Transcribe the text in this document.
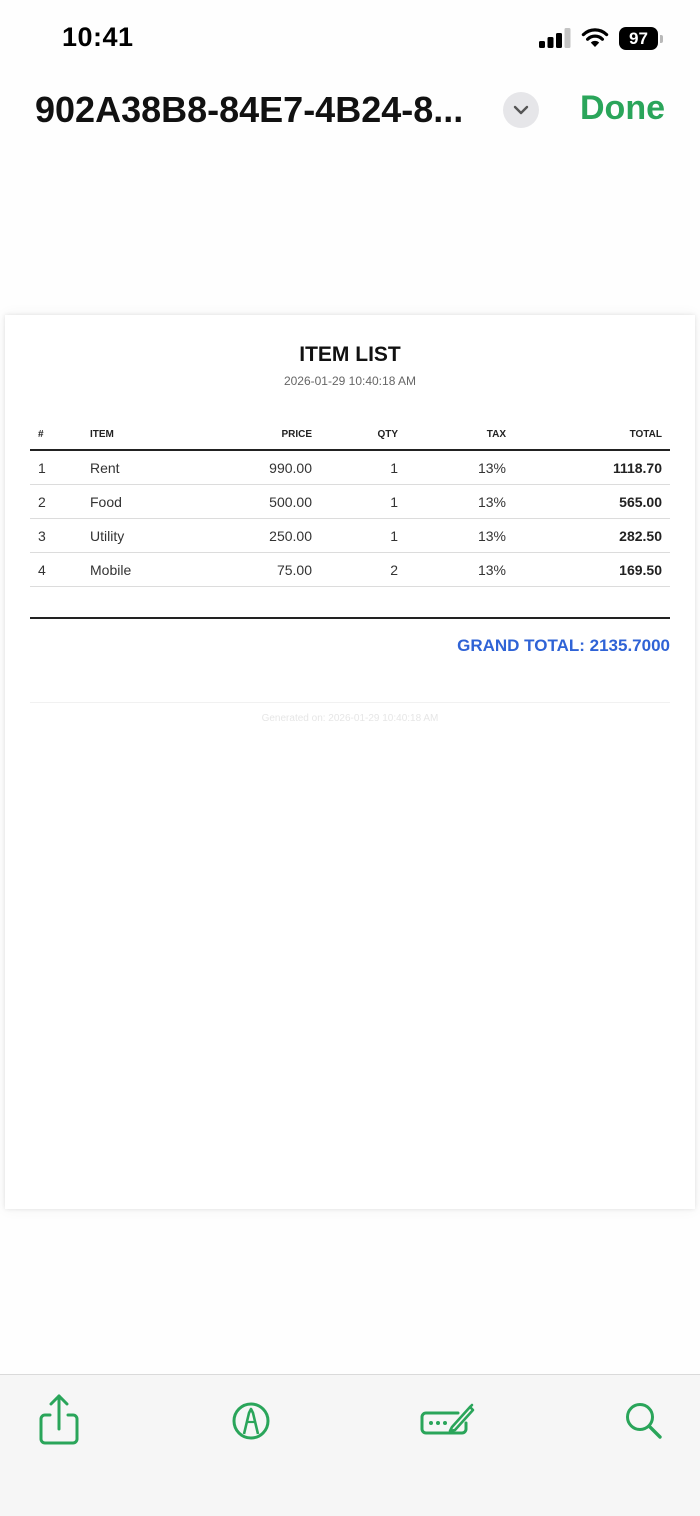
10:41	97
902A38B8-84E7-4B24-8...	Done
ITEM LIST
2026-01-29 10:40:18 AM
#	ITEM	PRICE	QTY	TAX	TOTAL
1	Rent	990.00	1	13%	1118.70
2	Food	500.00	1	13%	565.00
3	Utility	250.00	1	13%	282.50
4	Mobile	75.00	2	13%	169.50
GRAND TOTAL: 2135.7000
Generated on: 2026-01-29 10:40:18 AM
